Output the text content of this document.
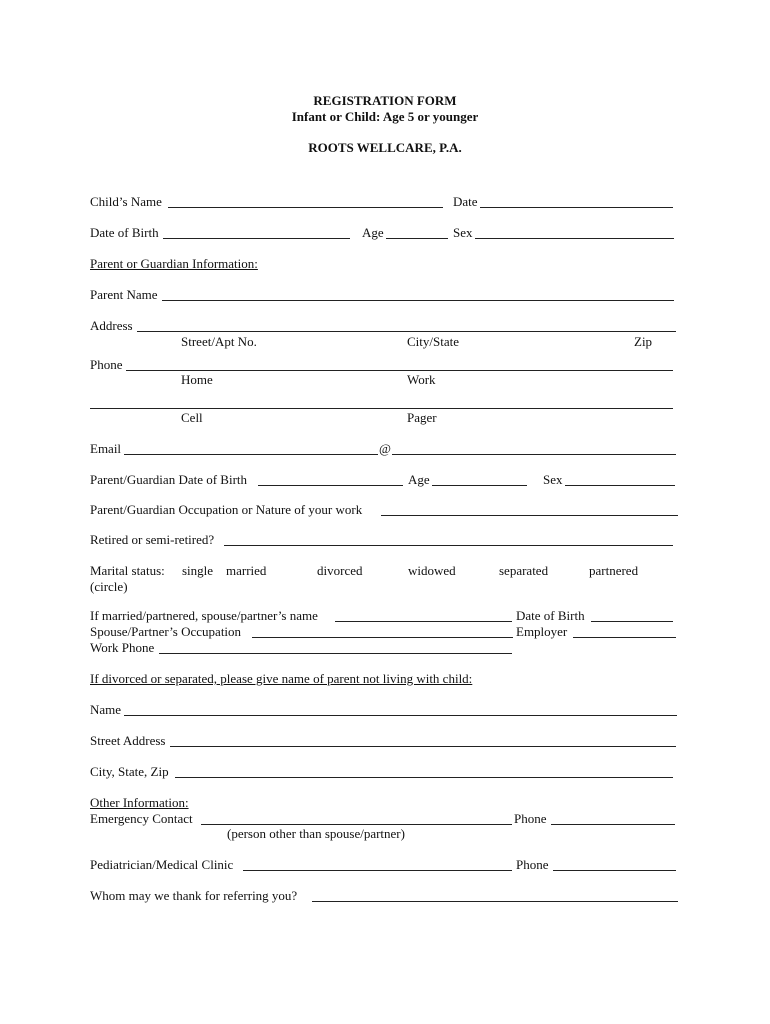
REGISTRATION FORM
Infant or Child: Age 5 or younger
ROOTS WELLCARE, P.A.
Child’s Name	Date
Date of Birth	Age	Sex
Parent or Guardian Information:
Parent Name
Address
Street/Apt No.	City/State	Zip
Phone
Home	Work
Cell	Pager
Email	@
Parent/Guardian Date of Birth	Age	Sex
Parent/Guardian Occupation or Nature of your work
Retired or semi-retired?
Marital status: single married	divorced	widowed	separated	partnered
(circle)
If married/partnered, spouse/partner’s name	Date of Birth
Spouse/Partner’s Occupation	Employer
Work Phone
If divorced or separated, please give name of parent not living with child:
Name
Street Address
City, State, Zip
Other Information:
Emergency Contact	Phone
(person other than spouse/partner)
Pediatrician/Medical Clinic	Phone
Whom may we thank for referring you?
